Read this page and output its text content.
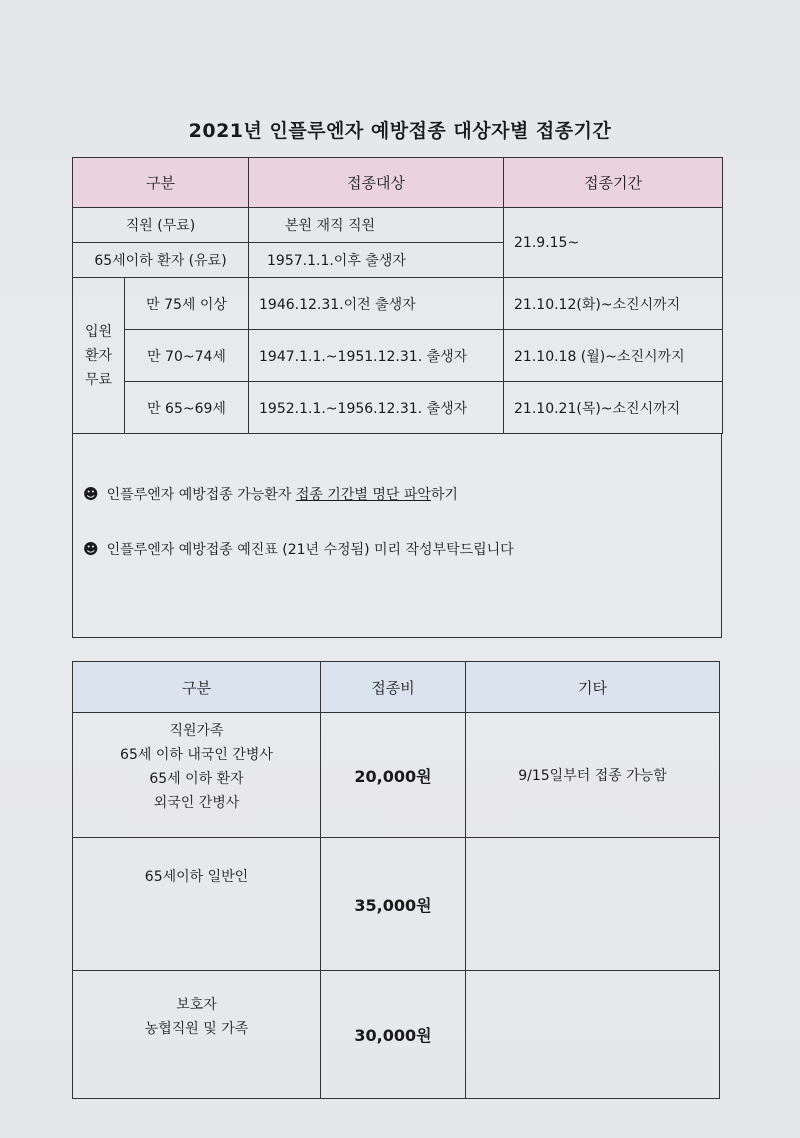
2021년 인플루엔자 예방접종 대상자별 접종기간
구분		접종대상	접종기간
직원 (무료)		본원 재직 직원	21.9.15~
65세이하 환자 (유료)		1957.1.1.이후 출생자	

입원
환자
무료	만 75세 이상	1946.12.31.이전 출생자	21.10.12(화)~소진시까지
	만 70~74세	1947.1.1.~1951.12.31. 출생자	21.10.18 (월)~소진시까지
	만 65~69세	1952.1.1.~1956.12.31. 출생자	21.10.21(목)~소진시까지
☻ 인플루엔자 예방접종 가능환자 접종 기간별 명단 파악하기
☻ 인플루엔자 예방접종 예진표 (21년 수정됨) 미리 작성부탁드립니다
구분	접종비	기타

직원가족
65세 이하 내국인 간병사
65세 이하 환자
외국인 간병사	20,000원	9/15일부터 접종 가능함

65세이하 일반인	35,000원	

보호자
농협직원 및 가족	30,000원	
